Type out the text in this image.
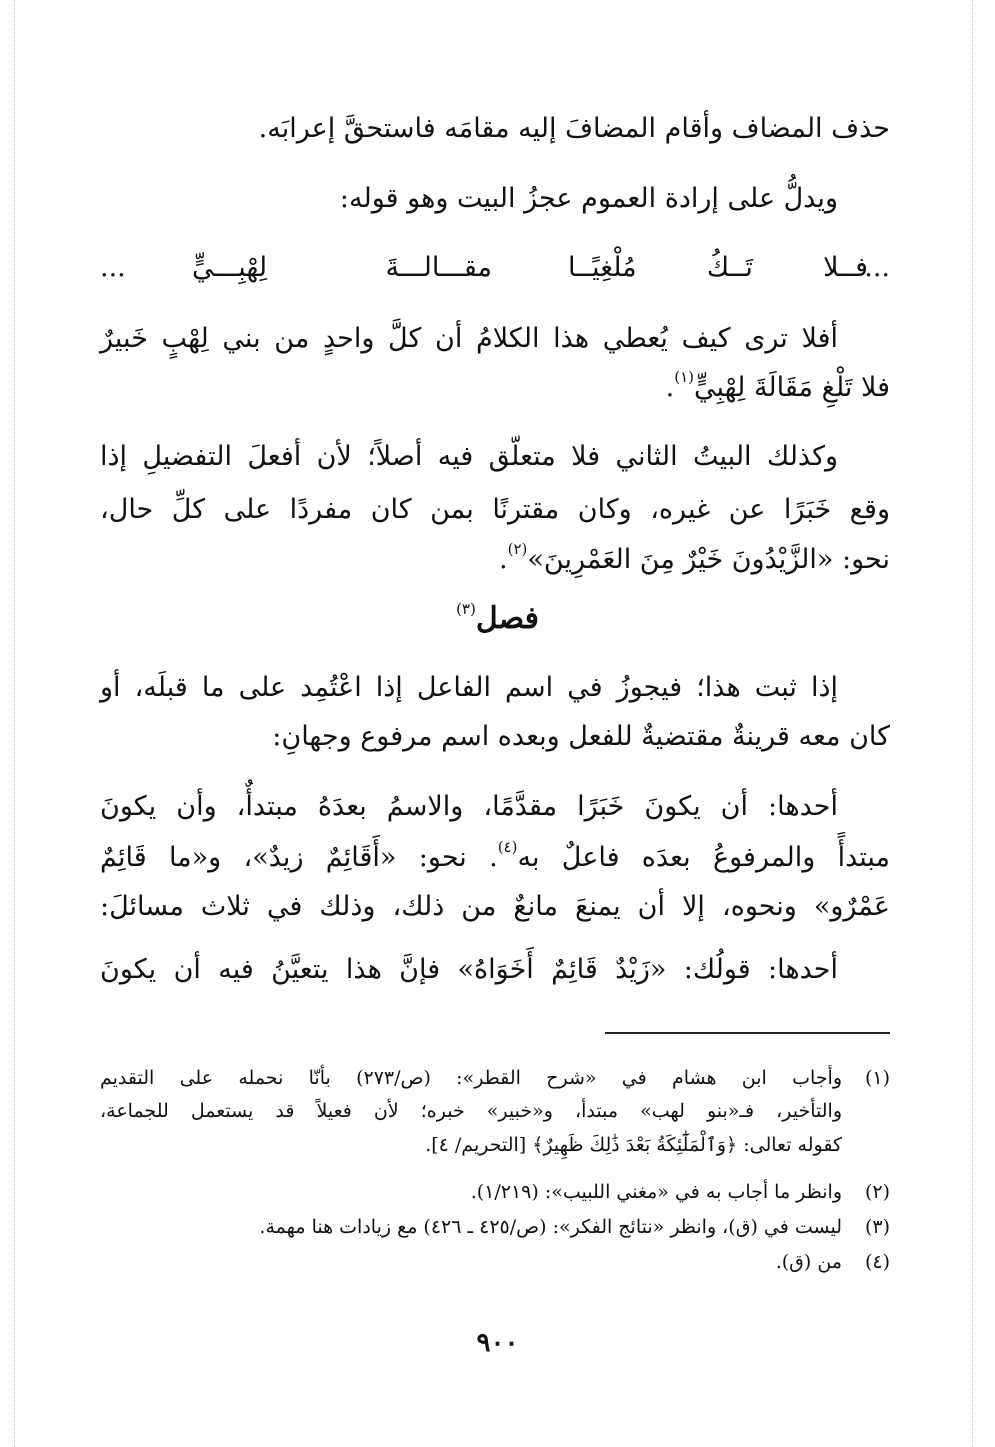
حذف المضاف وأقام المضافَ إليه مقامَه فاستحقَّ إعرابَه.
ويدلُّ على إرادة العموم عجزُ البيت وهو قوله:
أفلا ترى كيف يُعطي هذا الكلامُ أن كلَّ واحدٍ من بني لِهْبٍ خَبيرٌ
فلا تَلْغِ مَقَالَةَ لِهْبِيٍّ$^{(١)}$.
وكذلك البيتُ الثاني فلا متعلّق فيه أصلاً؛ لأن أفعلَ التفضيلِ إذا
وقع خَبَرًا عن غيره، وكان مقترنًا بمن كان مفردًا على كلِّ حال،
نحو: «الزَّيْدُونَ خَيْرٌ مِنَ العَمْرِينَ»$^{(٢)}$.
إذا ثبت هذا؛ فيجوزُ في اسم الفاعل إذا اعْتُمِد على ما قبلَه، أو
كان معه قرينةٌ مقتضيةٌ للفعل وبعده اسم مرفوع وجهانِ:
أحدها: أن يكونَ خَبَرًا مقدَّمًا، والاسمُ بعدَهُ مبتدأٌ، وأن يكونَ
مبتدأً والمرفوعُ بعدَه فاعلٌ به$^{(٤)}$. نحو: «أَقَائِمٌ زيدٌ»، و«ما قَائِمٌ
عَمْرٌو» ونحوه، إلا أن يمنعَ مانعٌ من ذلك، وذلك في ثلاث مسائلَ:
أحدها: قولُك: «زَيْدٌ قَائِمٌ أَخَوَاهُ» فإنَّ هذا يتعيَّنُ فيه أن يكونَ
...
فــلا تَــكُ مُلْغِيًــا
مقـــالـــةَ لِهْبِـــيٍّ
...
فصل$^{(٣)}$
(١)
وأجاب ابن هشام في «شرح القطر»: (ص/٢٧٣) بأنّا نحمله على التقديم
والتأخير، فـ«بنو لهب» مبتدأ، و«خبير» خبره؛ لأن فعيلاً قد يستعمل للجماعة،
كقوله تعالى: ﴿وَٱلْمَلَٰٓئِكَةُ بَعْدَ ذَٰلِكَ ظَهِيرٌ﴾ [التحريم/ ٤].
(٢)
وانظر ما أجاب به في «مغني اللبيب»: (١/٢١٩).
(٣)
ليست في (ق)، وانظر «نتائج الفكر»: (ص/٤٢٥ ـ ٤٢٦) مع زيادات هنا مهمة.
(٤)
من (ق).
٩٠٠
